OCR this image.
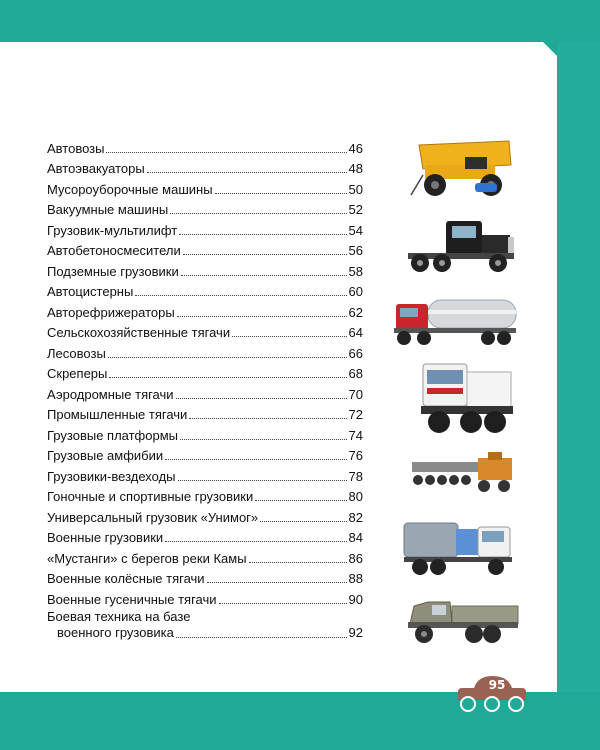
Автовозы	46
Автоэвакуаторы	48
Мусороуборочные машины	50
Вакуумные машины	52
Грузовик-мультилифт	54
Автобетоносмесители	56
Подземные грузовики	58
Автоцистерны	60
Авторефрижераторы	62
Сельскохозяйственные тягачи	64
Лесовозы	66
Скреперы	68
Аэродромные тягачи	70
Промышленные тягачи	72
Грузовые платформы	74
Грузовые амфибии	76
Грузовики-вездеходы	78
Гоночные и спортивные грузовики	80
Универсальный грузовик «Унимог»	82
Военные грузовики	84
«Мустанги» с берегов реки Камы	86
Военные колёсные тягачи	88
Военные гусеничные тягачи	90
Боевая техника на базе
военного грузовика	92
95
